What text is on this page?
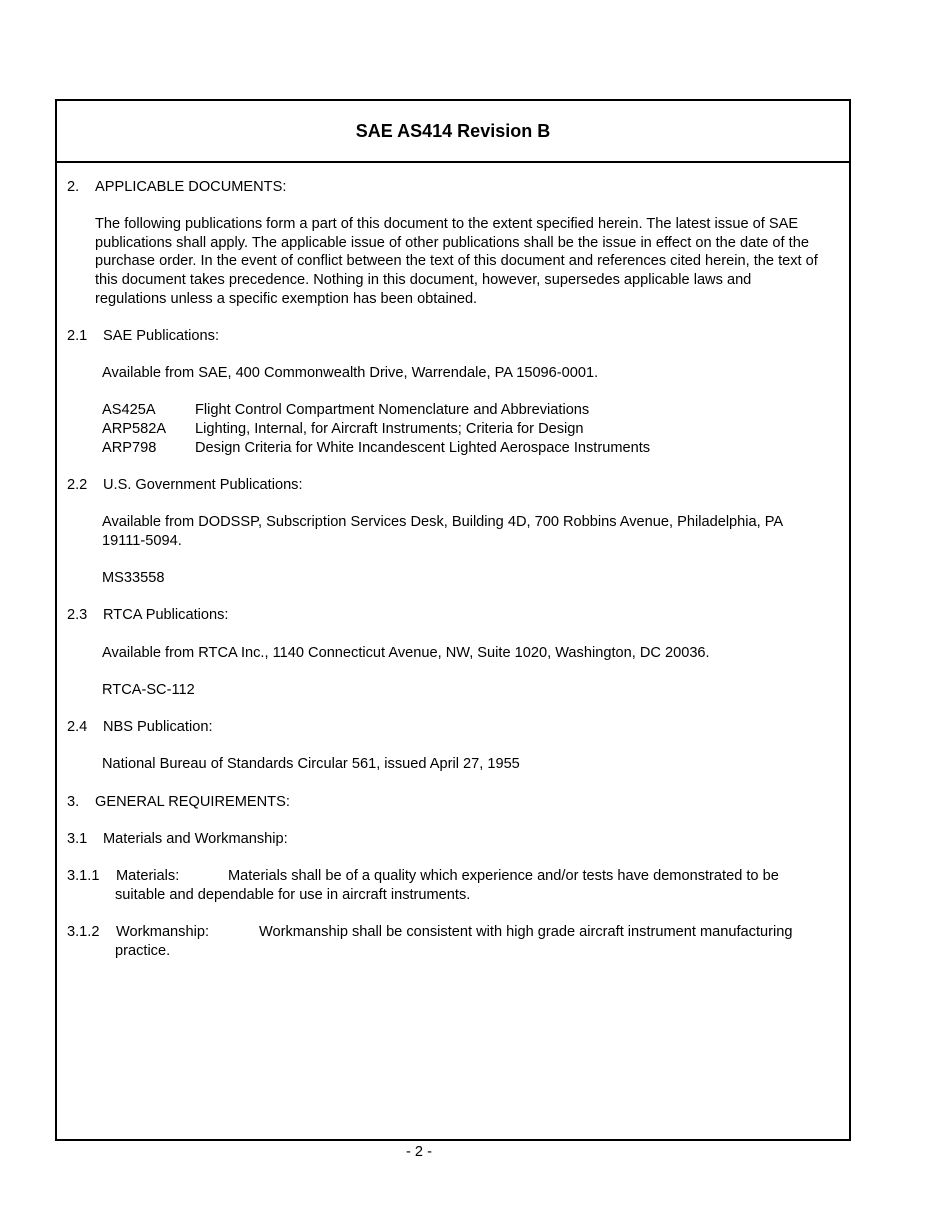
SAE AS414 Revision B
2. APPLICABLE DOCUMENTS:
The following publications form a part of this document to the extent specified herein. The latest issue of SAE publications shall apply. The applicable issue of other publications shall be the issue in effect on the date of the purchase order. In the event of conflict between the text of this document and references cited herein, the text of this document takes precedence. Nothing in this document, however, supersedes applicable laws and regulations unless a specific exemption has been obtained.
2.1 SAE Publications:
Available from SAE, 400 Commonwealth Drive, Warrendale, PA 15096-0001.
AS425A	Flight Control Compartment Nomenclature and Abbreviations
ARP582A Lighting, Internal, for Aircraft Instruments; Criteria for Design
ARP798	Design Criteria for White Incandescent Lighted Aerospace Instruments
2.2 U.S. Government Publications:
Available from DODSSP, Subscription Services Desk, Building 4D, 700 Robbins Avenue, Philadelphia, PA 19111-5094.
MS33558
2.3 RTCA Publications:
Available from RTCA Inc., 1140 Connecticut Avenue, NW, Suite 1020, Washington, DC 20036.
RTCA-SC-112
2.4 NBS Publication:
National Bureau of Standards Circular 561, issued April 27, 1955
3. GENERAL REQUIREMENTS:
3.1 Materials and Workmanship:
3.1.1 Materials:	Materials shall be of a quality which experience and/or tests have demonstrated to be
suitable and dependable for use in aircraft instruments.
3.1.2 Workmanship:	Workmanship shall be consistent with high grade aircraft instrument manufacturing
practice.
- 2 -
